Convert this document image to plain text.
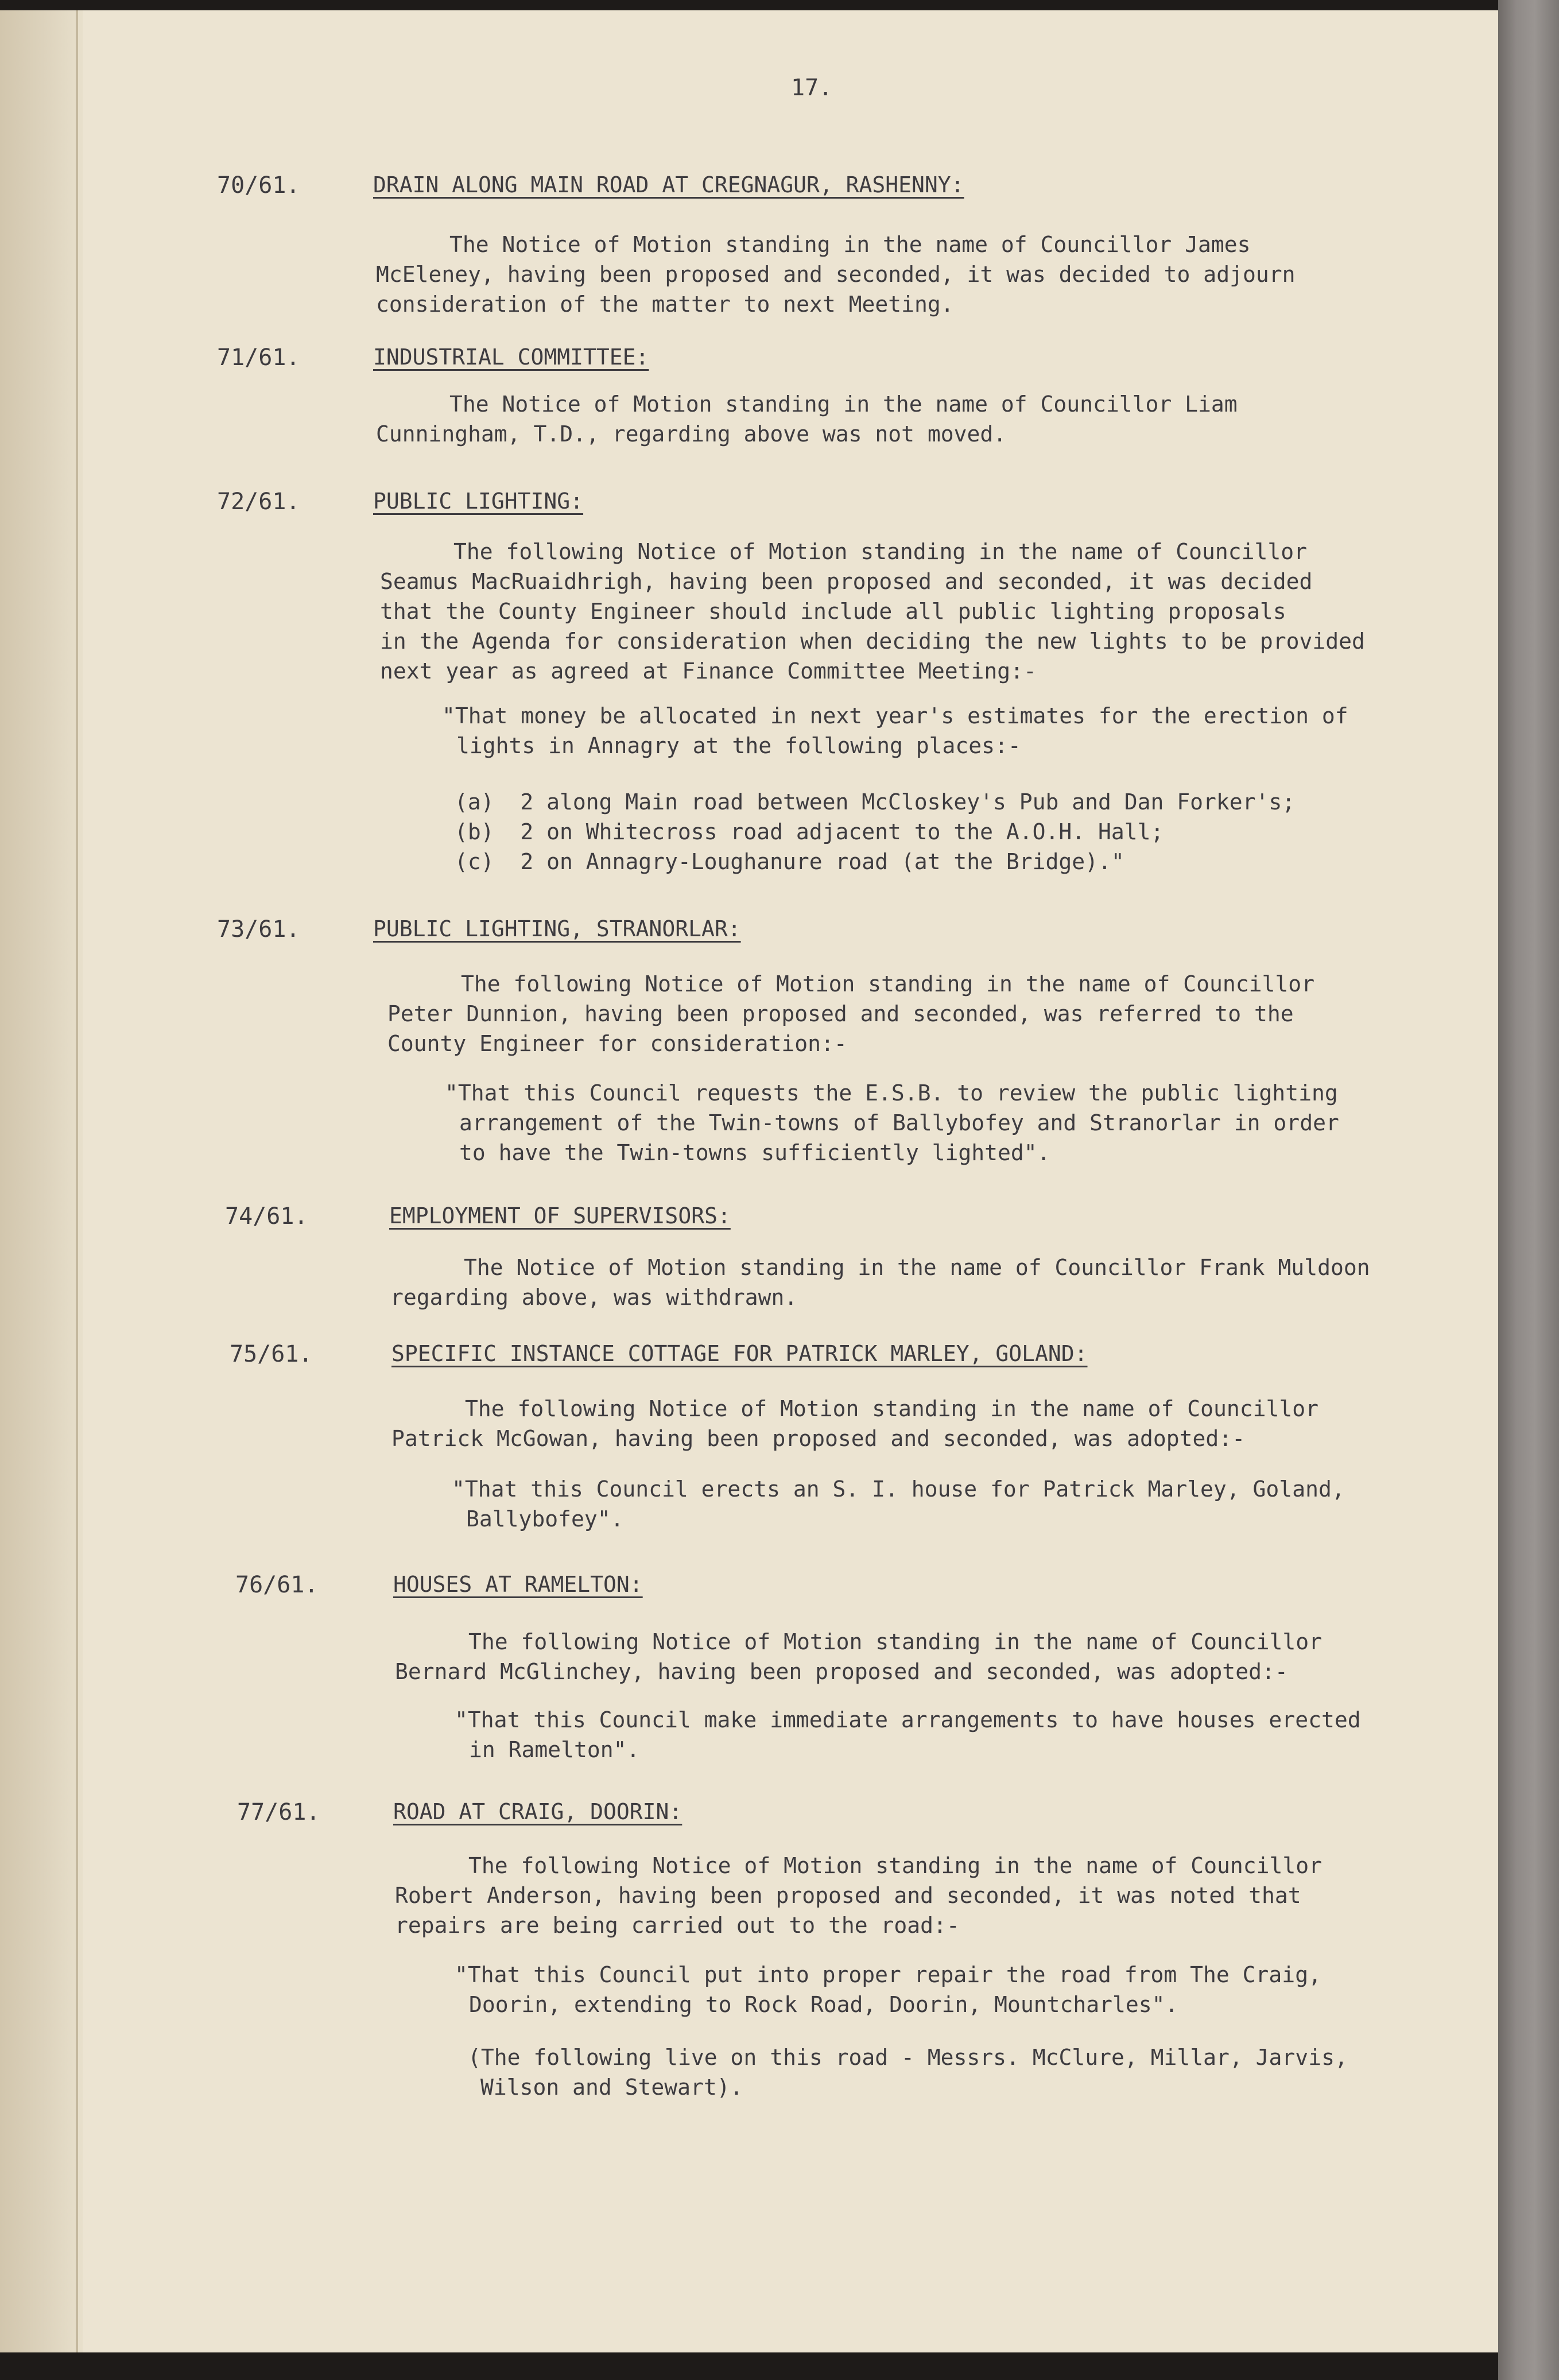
17.
70/61.	DRAIN ALONG MAIN ROAD AT CREGNAGUR, RASHENNY:
The Notice of Motion standing in the name of Councillor James
McEleney, having been proposed and seconded, it was decided to adjourn
consideration of the matter to next Meeting.
71/61.	INDUSTRIAL COMMITTEE:
The Notice of Motion standing in the name of Councillor Liam
Cunningham, T.D., regarding above was not moved.
72/61.	PUBLIC LIGHTING:
The following Notice of Motion standing in the name of Councillor
Seamus MacRuaidhrigh, having been proposed and seconded, it was decided
that the County Engineer should include all public lighting proposals
in the Agenda for consideration when deciding the new lights to be provided
next year as agreed at Finance Committee Meeting:-
"That money be allocated in next year's estimates for the erection of
lights in Annagry at the following places:-
(a)  2 along Main road between McCloskey's Pub and Dan Forker's;
(b)  2 on Whitecross road adjacent to the A.O.H. Hall;
(c)  2 on Annagry-Loughanure road (at the Bridge)."
73/61.	PUBLIC LIGHTING, STRANORLAR:
The following Notice of Motion standing in the name of Councillor
Peter Dunnion, having been proposed and seconded, was referred to the
County Engineer for consideration:-
"That this Council requests the E.S.B. to review the public lighting
arrangement of the Twin-towns of Ballybofey and Stranorlar in order
to have the Twin-towns sufficiently lighted".
74/61.	EMPLOYMENT OF SUPERVISORS:
The Notice of Motion standing in the name of Councillor Frank Muldoon
regarding above, was withdrawn.
75/61.	SPECIFIC INSTANCE COTTAGE FOR PATRICK MARLEY, GOLAND:
The following Notice of Motion standing in the name of Councillor
Patrick McGowan, having been proposed and seconded, was adopted:-
"That this Council erects an S. I. house for Patrick Marley, Goland,
Ballybofey".
76/61.	HOUSES AT RAMELTON:
The following Notice of Motion standing in the name of Councillor
Bernard McGlinchey, having been proposed and seconded, was adopted:-
"That this Council make immediate arrangements to have houses erected
in Ramelton".
77/61.	ROAD AT CRAIG, DOORIN:
The following Notice of Motion standing in the name of Councillor
Robert Anderson, having been proposed and seconded, it was noted that
repairs are being carried out to the road:-
"That this Council put into proper repair the road from The Craig,
Doorin, extending to Rock Road, Doorin, Mountcharles".
(The following live on this road - Messrs. McClure, Millar, Jarvis,
Wilson and Stewart).
